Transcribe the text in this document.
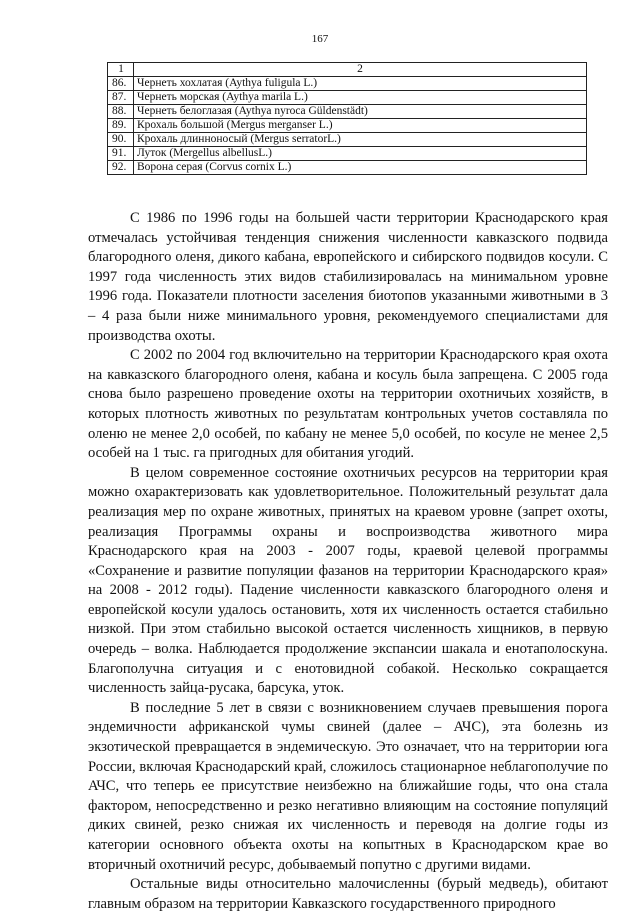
167
1	2
86.	Чернеть хохлатая (Aythya fuligula L.)
87.	Чернеть морская (Aythya marila L.)
88.	Чернеть белоглазая (Aythya nyroca Güldenstädt)
89.	Крохаль большой (Mergus merganser L.)
90.	Крохаль длинноносый (Mergus serratorL.)
91.	Луток (Mergellus albellusL.)
92.	Ворона серая (Corvus cornix L.)

С 1986 по 1996 годы на большей части территории Краснодарского края отмечалась устойчивая тенденция снижения численности кавказского подвида благородного оленя, дикого кабана, европейского и сибирского подвидов косули. С 1997 года численность этих видов стабилизировалась на минимальном уровне 1996 года. Показатели плотности заселения биотопов указанными животными в 3 – 4 раза были ниже минимального уровня, рекомендуемого специалистами для производства охоты.

С 2002 по 2004 год включительно на территории Краснодарского края охота на кавказского благородного оленя, кабана и косуль была запрещена. С 2005 года снова было разрешено проведение охоты на территории охотничьих хозяйств, в которых плотность животных по результатам контрольных учетов составляла по оленю не менее 2,0 особей, по кабану не менее 5,0 особей, по косуле не менее 2,5 особей на 1 тыс. га пригодных для обитания угодий.

В целом современное состояние охотничьих ресурсов на территории края можно охарактеризовать как удовлетворительное. Положительный результат дала реализация мер по охране животных, принятых на краевом уровне (запрет охоты, реализация Программы охраны и воспроизводства животного мира Краснодарского края на 2003 - 2007 годы, краевой целевой программы «Сохранение и развитие популяции фазанов на территории Краснодарского края» на 2008 - 2012 годы). Падение численности кавказского благородного оленя и европейской косули удалось остановить, хотя их численность остается стабильно низкой. При этом стабильно высокой остается численность хищников, в первую очередь – волка. Наблюдается продолжение экспансии шакала и енотаполоскуна. Благополучна ситуация и с енотовидной собакой. Несколько сокращается численность зайца-русака, барсука, уток.

В последние 5 лет в связи с возникновением случаев превышения порога эндемичности африканской чумы свиней (далее – АЧС), эта болезнь из экзотической превращается в эндемическую. Это означает, что на территории юга России, включая Краснодарский край, сложилось стационарное неблагополучие по АЧС, что теперь ее присутствие неизбежно на ближайшие годы, что она стала фактором, непосредственно и резко негативно влияющим на состояние популяций диких свиней, резко снижая их численность и переводя на долгие годы из категории основного объекта охоты на копытных в Краснодарском крае во вторичный охотничий ресурс, добываемый попутно с другими видами.

Остальные виды относительно малочисленны (бурый медведь), обитают главным образом на территории Кавказского государственного природного
